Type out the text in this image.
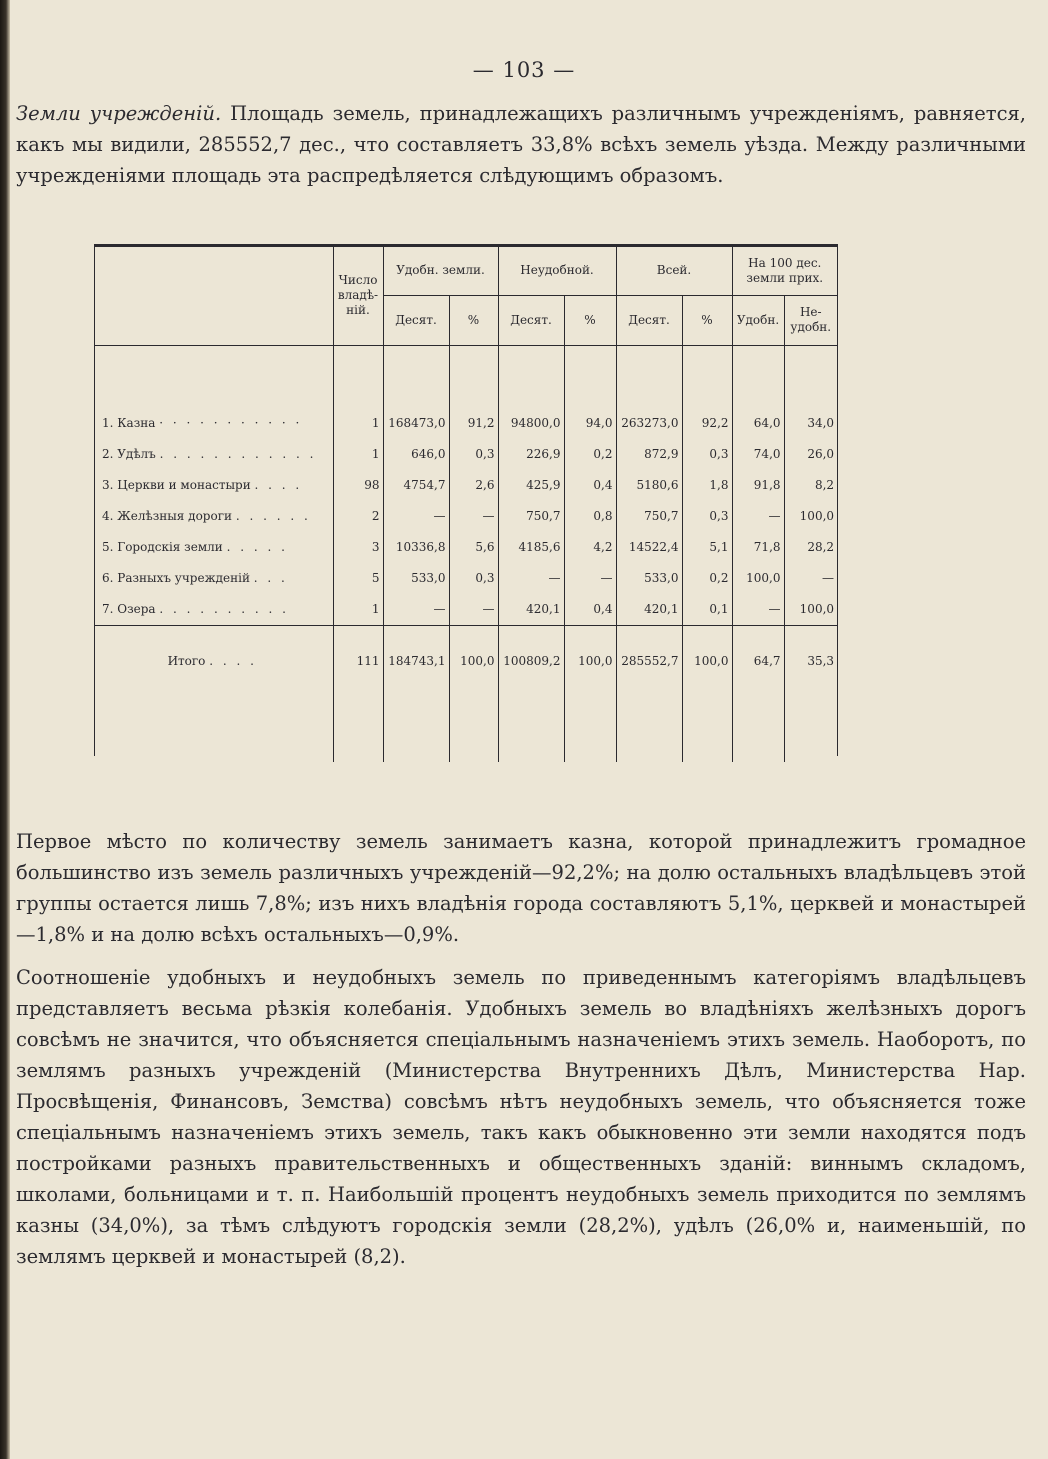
— 103 —

Земли учрежденій. Площадь земель, принадлежащихъ различнымъ учрежденіямъ, равняется, какъ мы видили, 285552,7 дес., что составляетъ 33,8% всѣхъ земель уѣзда. Между различными учрежденіями площадь эта распредѣляется слѣдующимъ образомъ.

	Число владѣ-ній.	Удобн. земли.		Неудобной.		Всей.		На 100 дес. земли прих.	
		Десят.	%	Десят.	%	Десят.	%	Удобн.	Не-удобн.

1. Казна · · · · · · · · · · ·	1	168473,0	91,2	94800,0	94,0	263273,0	92,2	64,0	34,0
2. Удѣлъ . . . . . . . . . . . .	1	646,0	0,3	226,9	0,2	872,9	0,3	74,0	26,0
3. Церкви и монастыри . . . .	98	4754,7	2,6	425,9	0,4	5180,6	1,8	91,8	8,2
4. Желѣзныя дороги . . . . . .	2	—	—	750,7	0,8	750,7	0,3	—	100,0
5. Городскія земли . . . . .	3	10336,8	5,6	4185,6	4,2	14522,4	5,1	71,8	28,2
6. Разныхъ учрежденій . . .	5	533,0	0,3	—	—	533,0	0,2	100,0	—
7. Озера . . . . . . . . . .	1	—	—	420,1	0,4	420,1	0,1	—	100,0
Итого . . . .	111	184743,1	100,0	100809,2	100,0	285552,7	100,0	64,7	35,3

Первое мѣсто по количеству земель занимаетъ казна, которой принадлежитъ громадное большинство изъ земель различныхъ учрежденій—92,2%; на долю остальныхъ владѣльцевъ этой группы остается лишь 7,8%; изъ нихъ владѣнія города составляютъ 5,1%, церквей и монастырей—1,8% и на долю всѣхъ остальныхъ—0,9%.

Соотношеніе удобныхъ и неудобныхъ земель по приведеннымъ категоріямъ владѣльцевъ представляетъ весьма рѣзкія колебанія. Удобныхъ земель во владѣніяхъ желѣзныхъ дорогъ совсѣмъ не значится, что объясняется спеціальнымъ назначеніемъ этихъ земель. Наоборотъ, по землямъ разныхъ учрежденій (Министерства Внутреннихъ Дѣлъ, Министерства Нар. Просвѣщенія, Финансовъ, Земства) совсѣмъ нѣтъ неудобныхъ земель, что объясняется тоже спеціальнымъ назначеніемъ этихъ земель, такъ какъ обыкновенно эти земли находятся подъ постройками разныхъ правительственныхъ и общественныхъ зданій: виннымъ складомъ, школами, больницами и т. п. Наибольшій процентъ неудобныхъ земель приходится по землямъ казны (34,0%), за тѣмъ слѣдуютъ городскія земли (28,2%), удѣлъ (26,0% и, наименьшій, по землямъ церквей и монастырей (8,2).
